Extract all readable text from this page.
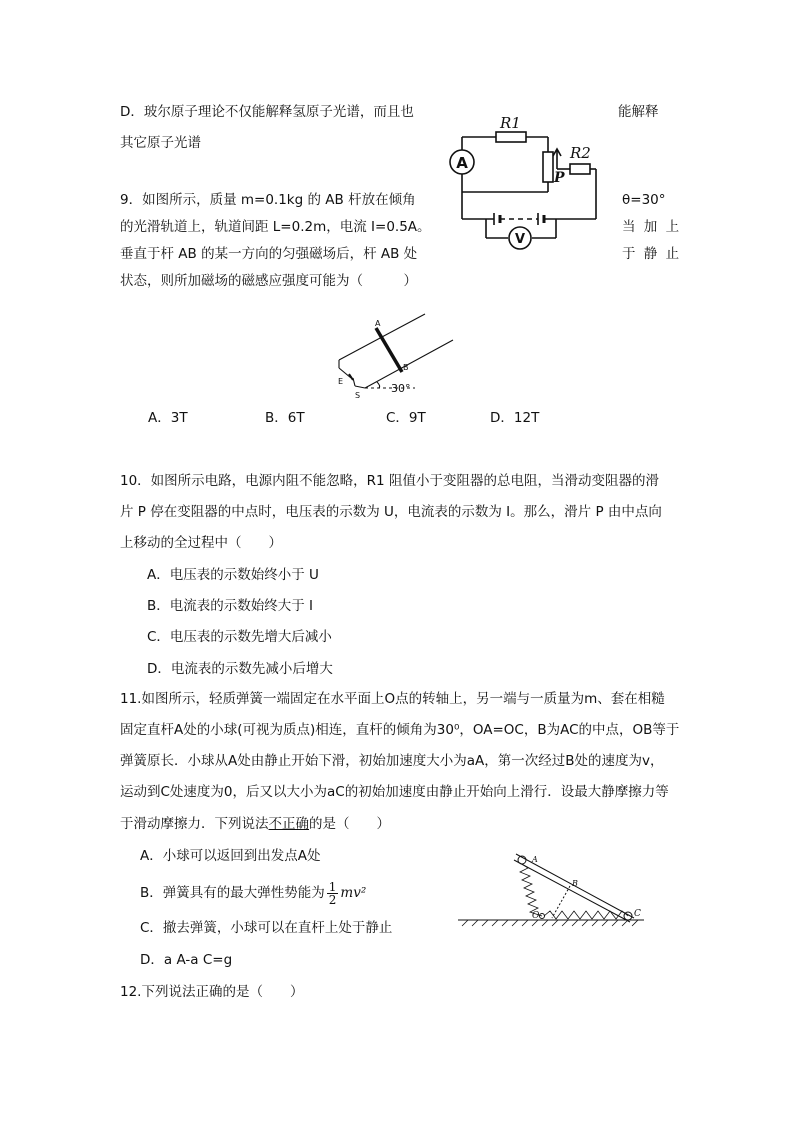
D．玻尔原子理论不仅能解释氢原子光谱，而且也	能解释
其它原子光谱
A
V
R1
R2
P
9．如图所示，质量 m=0.1kg 的 AB 杆放在倾角	θ=30°
的光滑轨道上，轨道间距 L=0.2m，电流 I=0.5A。	当 加 上
垂直于杆 AB 的某一方向的匀强磁场后，杆 AB 处	于 静 止
状态，则所加磁场的磁感应强度可能为（　　　）
A
B
E
S
30°
A．3T	B．6T	C．9T	D．12T
10．如图所示电路，电源内阻不能忽略，R1 阻值小于变阻器的总电阻，当滑动变阻器的滑
片 P 停在变阻器的中点时，电压表的示数为 U，电流表的示数为 I。那么，滑片 P 由中点向
上移动的全过程中（　　）
A．电压表的示数始终小于 U
B．电流表的示数始终大于 I
C．电压表的示数先增大后减小
D．电流表的示数先减小后增大
11.如图所示，轻质弹簧一端固定在水平面上O点的转轴上，另一端与一质量为m、套在相糙
固定直杆A处的小球(可视为质点)相连，直杆的倾角为30⁰，OA=OC，B为AC的中点，OB等于
弹簧原长．小球从A处由静止开始下滑，初始加速度大小为aA，第一次经过B处的速度为v，
运动到C处速度为0，后又以大小为aC的初始加速度由静止开始向上滑行．设最大静摩擦力等
于滑动摩擦力．下列说法不正确的是（　　）
A．小球可以返回到出发点A处
B．弹簧具有的最大弹性势能为 $\frac{1}{2} mv^2$
C．撤去弹簧，小球可以在直杆上处于静止
D．a A-a C=g
A
B
O	C
12.下列说法正确的是（　　）
